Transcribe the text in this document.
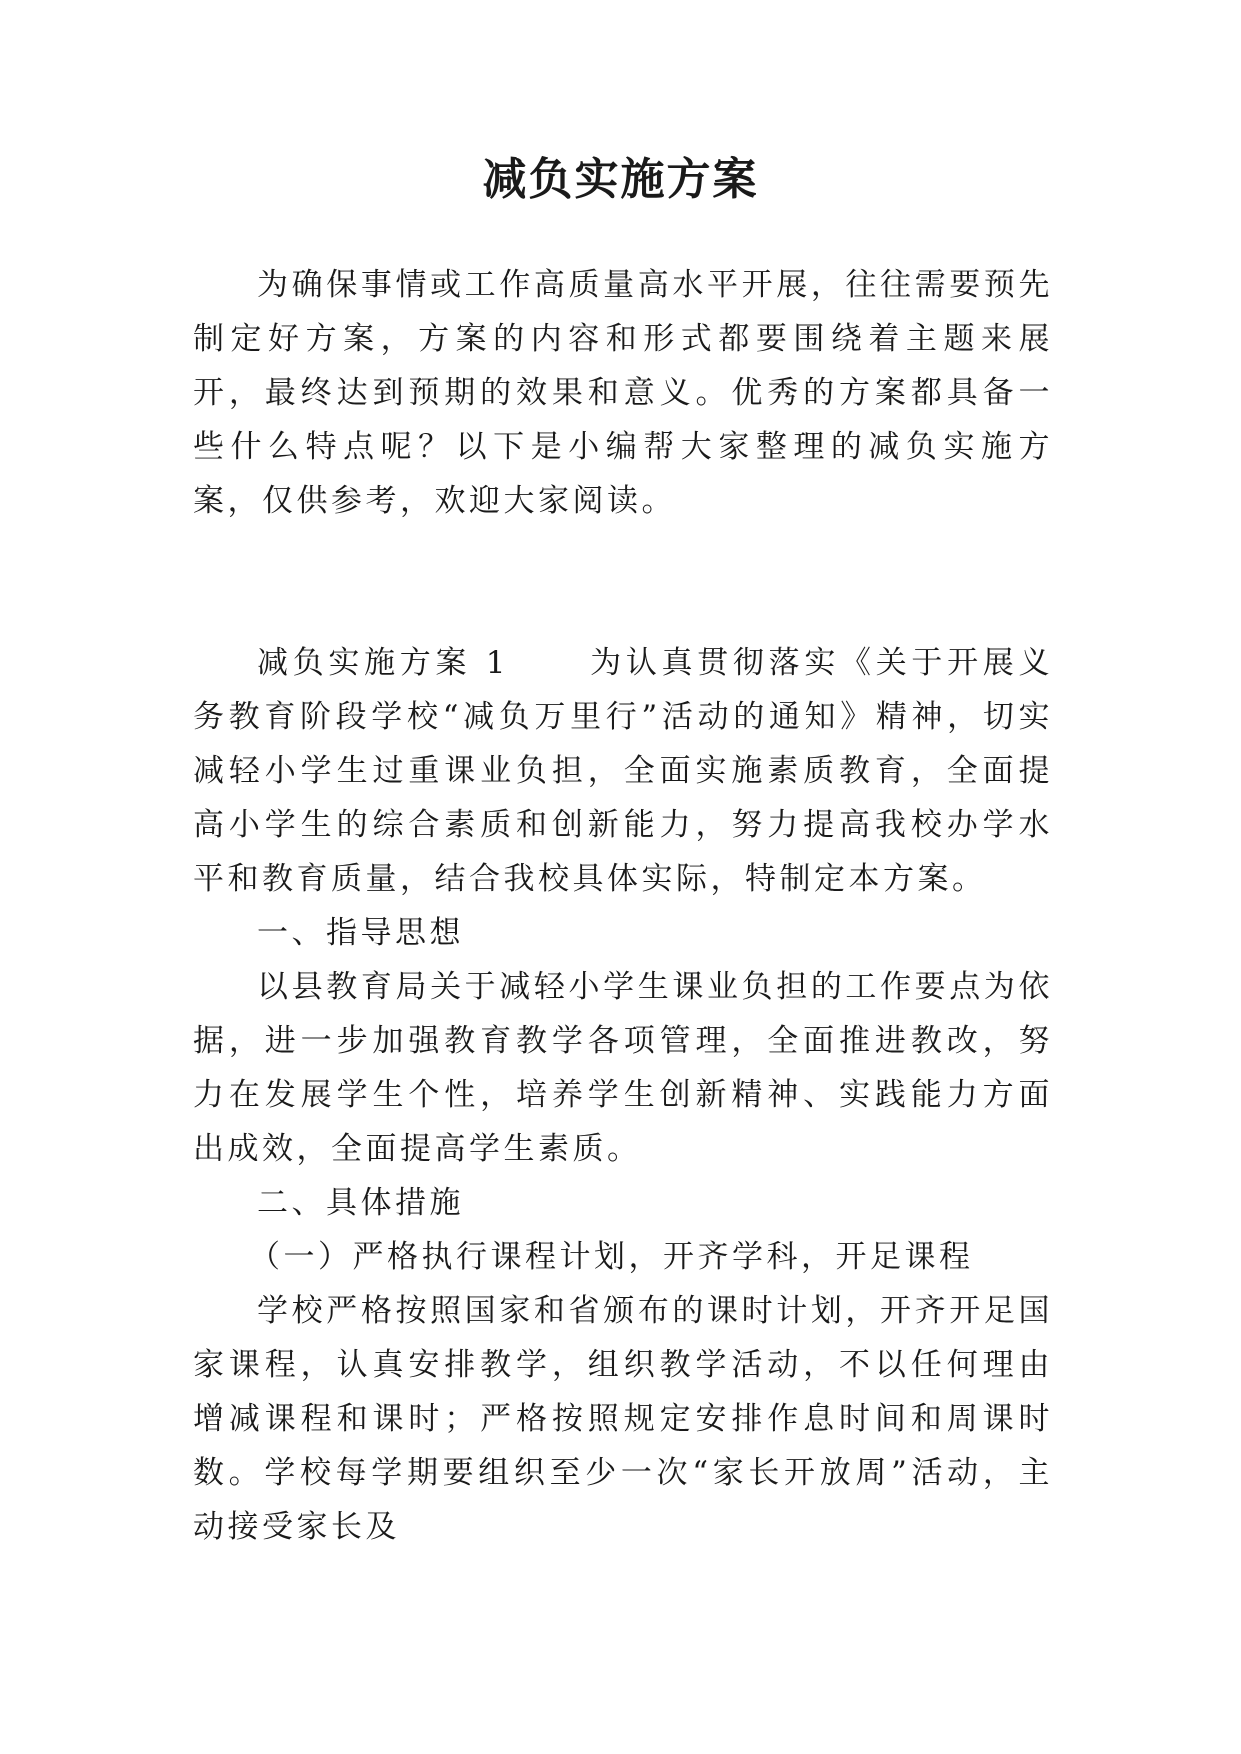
减负实施方案

为确保事情或工作高质量高水平开展，往往需要预先制定好方案，方案的内容和形式都要围绕着主题来展开，最终达到预期的效果和意义。优秀的方案都具备一些什么特点呢？以下是小编帮大家整理的减负实施方案，仅供参考，欢迎大家阅读。

减负实施方案 1	为认真贯彻落实《关于开展义务教育阶段学校“减负万里行”活动的通知》精神，切实减轻小学生过重课业负担，全面实施素质教育，全面提高小学生的综合素质和创新能力，努力提高我校办学水平和教育质量，结合我校具体实际，特制定本方案。

一、指导思想

以县教育局关于减轻小学生课业负担的工作要点为依据，进一步加强教育教学各项管理，全面推进教改，努力在发展学生个性，培养学生创新精神、实践能力方面出成效，全面提高学生素质。

二、具体措施

（一）严格执行课程计划，开齐学科，开足课程

学校严格按照国家和省颁布的课时计划，开齐开足国家课程，认真安排教学，组织教学活动，不以任何理由增减课程和课时；严格按照规定安排作息时间和周课时数。学校每学期要组织至少一次“家长开放周”活动，主动接受家长及
